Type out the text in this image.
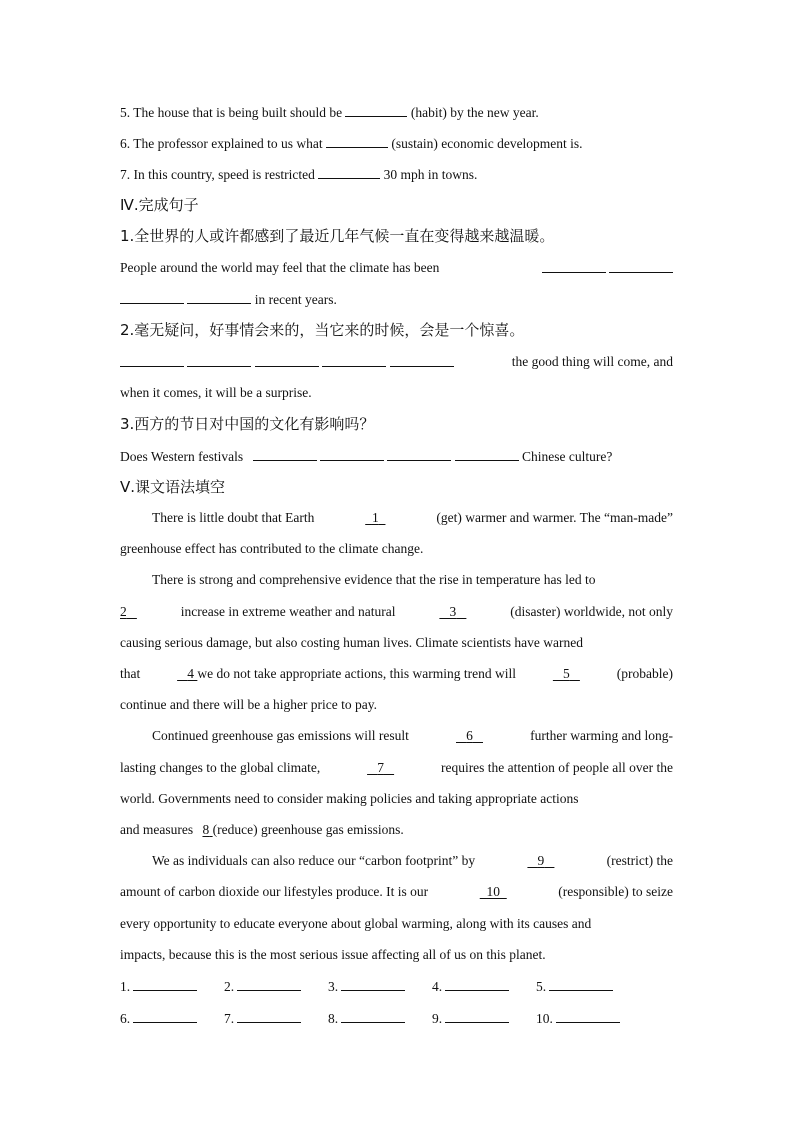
5. The house that is being built should be	(habit) by the new year.
6. The professor explained to us what	(sustain) economic development is.
7. In this country, speed is restricted	30 mph in towns.
Ⅳ.完成句子
1.全世界的人或许都感到了最近几年气候一直在变得越来越温暖。
People around the world may feel that the climate has been

in recent years.
2.毫无疑问，好事情会来的，当它来的时候，会是一个惊喜。

the good thing will come, and
when it comes, it will be a surprise.
3.西方的节日对中国的文化有影响吗？
Does Western festivals	Chinese culture?
Ⅴ.课文语法填空
There is little doubt that Earth	1	(get) warmer and warmer. The “man-made”
greenhouse effect has contributed to the climate change.
There is strong and comprehensive evidence that the rise in temperature has led to
2	increase in extreme weather and natural	3	(disaster) worldwide, not only
causing serious damage, but also costing human lives. Climate scientists have warned
that	4 we do not take appropriate actions, this warming trend will	5	(probable)
continue and there will be a higher price to pay.
Continued greenhouse gas emissions will result	6	further warming and long-
lasting changes to the global climate,	7	requires the attention of people all over the
world. Governments need to consider making policies and taking appropriate actions
and measures 8 (reduce) greenhouse gas emissions.
We as individuals can also reduce our “carbon footprint” by	9	(restrict) the
amount of carbon dioxide our lifestyles produce. It is our	10	(responsible) to seize
every opportunity to educate everyone about global warming, along with its causes and
impacts, because this is the most serious issue affecting all of us on this planet.
1.	2.	3.	4.	5.
6.	7.	8.	9.	10.
